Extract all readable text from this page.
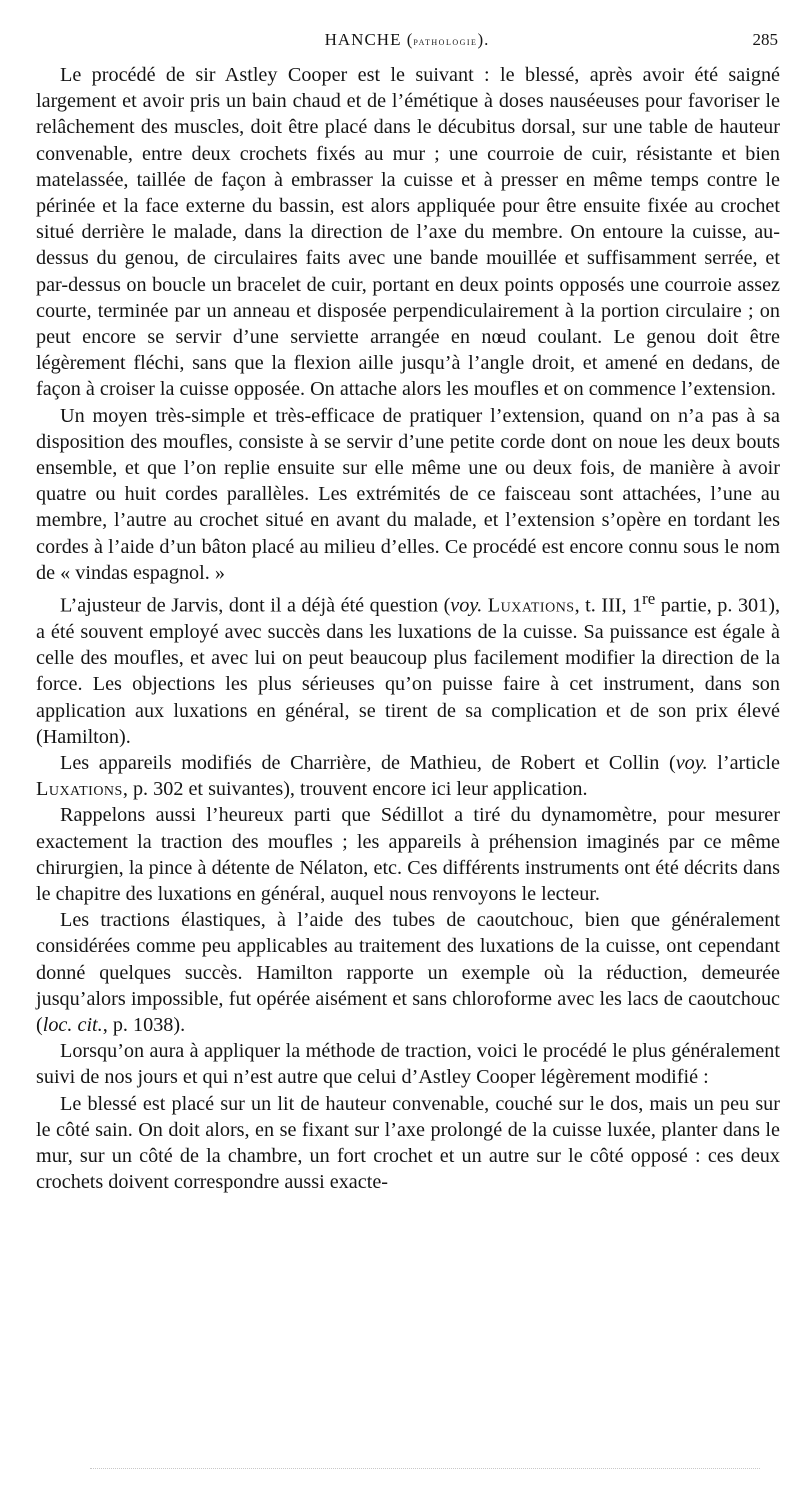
HANCHE (pathologie).	285

Le procédé de sir Astley Cooper est le suivant : le blessé, après avoir été saigné largement et avoir pris un bain chaud et de l’émétique à doses nauséeuses pour favoriser le relâchement des muscles, doit être placé dans le décubitus dorsal, sur une table de hauteur convenable, entre deux crochets fixés au mur ; une courroie de cuir, résistante et bien matelassée, taillée de façon à embrasser la cuisse et à presser en même temps contre le périnée et la face externe du bassin, est alors appliquée pour être ensuite fixée au crochet situé derrière le malade, dans la direction de l’axe du membre. On entoure la cuisse, au-dessus du genou, de circulaires faits avec une bande mouillée et suffisamment serrée, et par-dessus on boucle un bracelet de cuir, portant en deux points opposés une courroie assez courte, terminée par un anneau et disposée perpendiculairement à la portion circulaire ; on peut encore se servir d’une serviette arrangée en nœud coulant. Le genou doit être légèrement fléchi, sans que la flexion aille jusqu’à l’angle droit, et amené en dedans, de façon à croiser la cuisse opposée. On attache alors les moufles et on commence l’extension.

Un moyen très-simple et très-efficace de pratiquer l’extension, quand on n’a pas à sa disposition des moufles, consiste à se servir d’une petite corde dont on noue les deux bouts ensemble, et que l’on replie ensuite sur elle même une ou deux fois, de manière à avoir quatre ou huit cordes parallèles. Les extrémités de ce faisceau sont attachées, l’une au membre, l’autre au crochet situé en avant du malade, et l’extension s’opère en tordant les cordes à l’aide d’un bâton placé au milieu d’elles. Ce procédé est encore connu sous le nom de « vindas espagnol. »

L’ajusteur de Jarvis, dont il a déjà été question (voy. Luxations, t. III, 1re partie, p. 301), a été souvent employé avec succès dans les luxations de la cuisse. Sa puissance est égale à celle des moufles, et avec lui on peut beaucoup plus facilement modifier la direction de la force. Les objections les plus sérieuses qu’on puisse faire à cet instrument, dans son application aux luxations en général, se tirent de sa complication et de son prix élevé (Hamilton).

Les appareils modifiés de Charrière, de Mathieu, de Robert et Collin (voy. l’article Luxations, p. 302 et suivantes), trouvent encore ici leur application.

Rappelons aussi l’heureux parti que Sédillot a tiré du dynamomètre, pour mesurer exactement la traction des moufles ; les appareils à préhension imaginés par ce même chirurgien, la pince à détente de Nélaton, etc. Ces différents instruments ont été décrits dans le chapitre des luxations en général, auquel nous renvoyons le lecteur.

Les tractions élastiques, à l’aide des tubes de caoutchouc, bien que généralement considérées comme peu applicables au traitement des luxations de la cuisse, ont cependant donné quelques succès. Hamilton rapporte un exemple où la réduction, demeurée jusqu’alors impossible, fut opérée aisément et sans chloroforme avec les lacs de caoutchouc (loc. cit., p. 1038).

Lorsqu’on aura à appliquer la méthode de traction, voici le procédé le plus généralement suivi de nos jours et qui n’est autre que celui d’Astley Cooper légèrement modifié :

Le blessé est placé sur un lit de hauteur convenable, couché sur le dos, mais un peu sur le côté sain. On doit alors, en se fixant sur l’axe prolongé de la cuisse luxée, planter dans le mur, sur un côté de la chambre, un fort crochet et un autre sur le côté opposé : ces deux crochets doivent correspondre aussi exacte-
